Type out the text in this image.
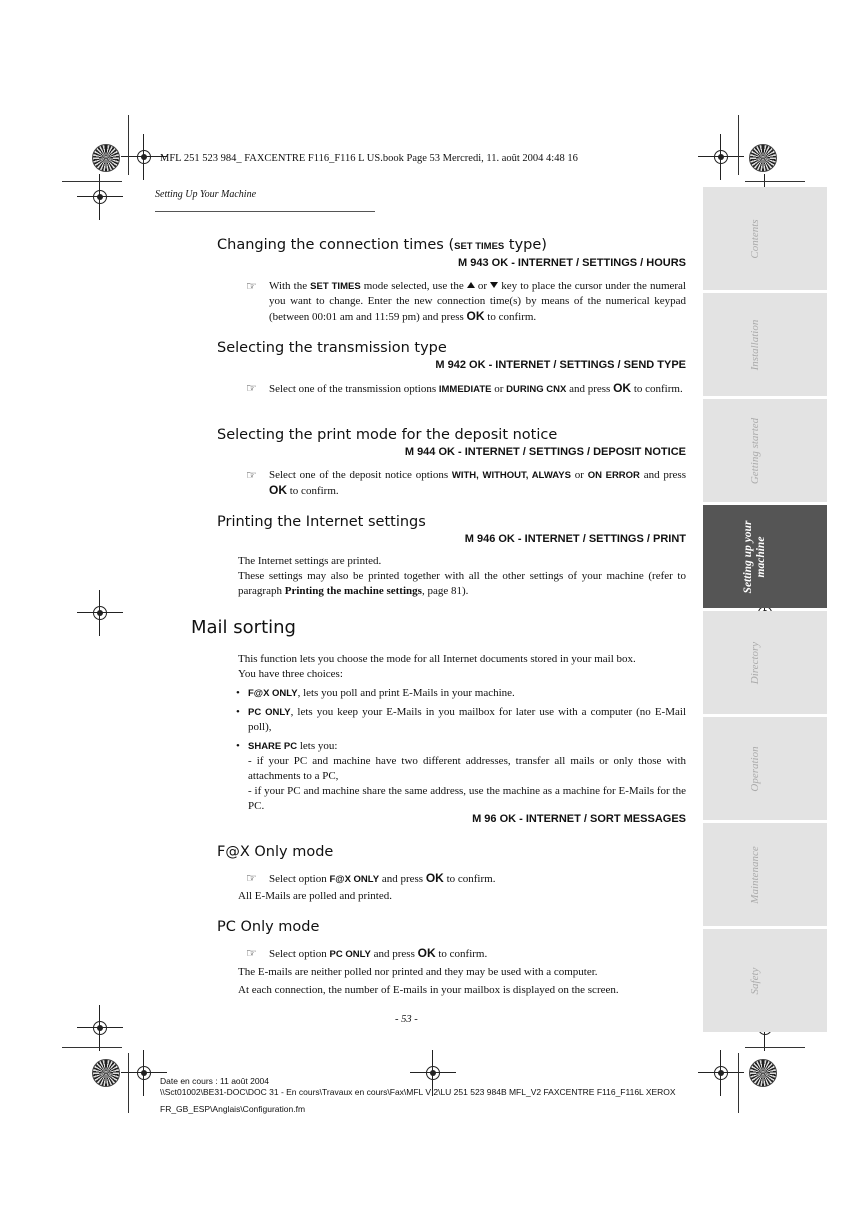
MFL 251 523 984_ FAXCENTRE F116_F116 L US.book Page 53 Mercredi, 11. août 2004 4:48 16
Setting Up Your Machine
Contents
Installation
Getting started
Setting up your machine
Directory
Operation
Maintenance
Safety
Changing the connection times (SET TIMES type)
M 943 OK - INTERNET / SETTINGS / HOURS
☞ With the SET TIMES mode selected, use the  or  key to place the cursor under the numeral you want to change. Enter the new connection time(s) by means of the numerical keypad (between 00:01 am and 11:59 pm) and press OK to confirm.
Selecting the transmission type
M 942 OK - INTERNET / SETTINGS / SEND TYPE
☞ Select one of the transmission options IMMEDIATE or DURING CNX and press OK to confirm.
Selecting the print mode for the deposit notice
M 944 OK - INTERNET / SETTINGS / DEPOSIT NOTICE
☞ Select one of the deposit notice options WITH, WITHOUT, ALWAYS or ON ERROR and press OK to confirm.
Printing the Internet settings
M 946 OK - INTERNET / SETTINGS / PRINT
The Internet settings are printed.
These settings may also be printed together with all the other settings of your machine (refer to paragraph Printing the machine settings, page 81).
Mail sorting
This function lets you choose the mode for all Internet documents stored in your mail box.
You have three choices:
• F@X ONLY, lets you poll and print E-Mails in your machine.
• PC ONLY, lets you keep your E-Mails in you mailbox for later use with a computer (no E-Mail poll),
• SHARE PC lets you:
- if your PC and machine have two different addresses, transfer all mails or only those with attachments to a PC,
- if your PC and machine share the same address, use the machine as a machine for E-Mails for the PC.
M 96 OK - INTERNET / SORT MESSAGES
F@X Only mode
☞ Select option F@X ONLY and press OK to confirm.
All E-Mails are polled and printed.
PC Only mode
☞ Select option PC ONLY and press OK to confirm.
The E-mails are neither polled nor printed and they may be used with a computer.
At each connection, the number of E-mails in your mailbox is displayed on the screen.
- 53 -
Date en cours : 11 août 2004
\\Sct01002\BE31-DOC\DOC 31 - En cours\Travaux en cours\Fax\MFL V 2\LU 251 523 984B MFL_V2 FAXCENTRE F116_F116L XEROX
FR_GB_ESP\Anglais\Configuration.fm
